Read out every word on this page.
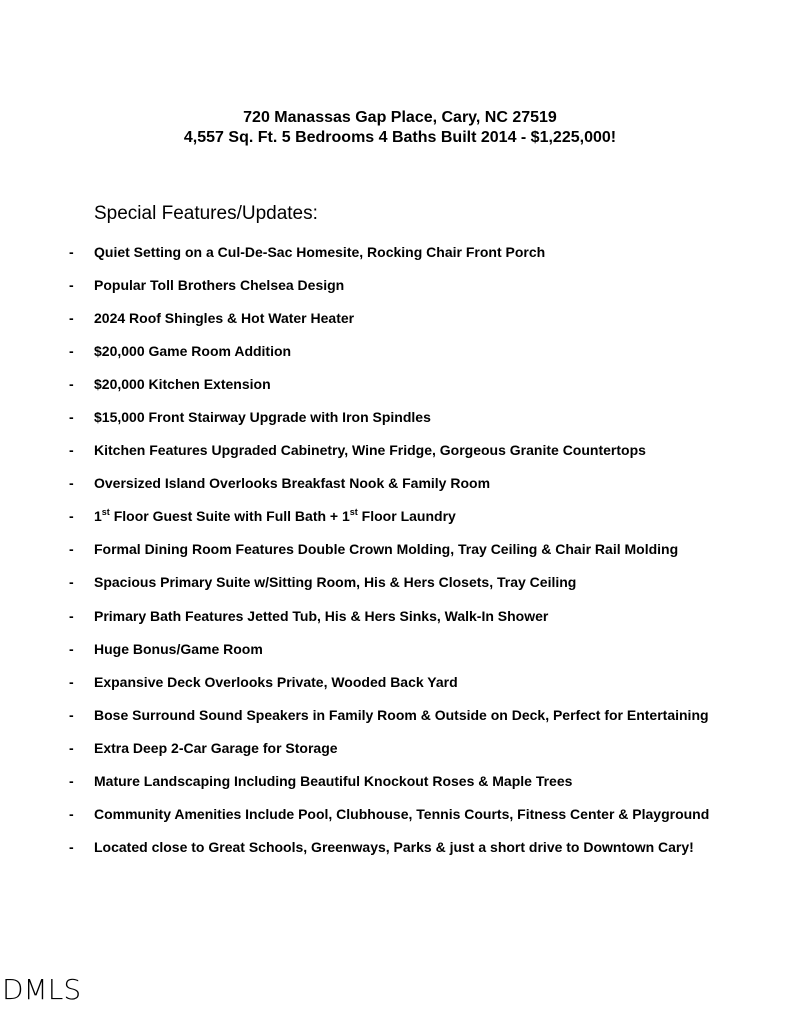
720 Manassas Gap Place, Cary, NC 27519
4,557 Sq. Ft. 5 Bedrooms 4 Baths Built 2014 - $1,225,000!
Special Features/Updates:
- Quiet Setting on a Cul-De-Sac Homesite, Rocking Chair Front Porch
- Popular Toll Brothers Chelsea Design
- 2024 Roof Shingles & Hot Water Heater
- $20,000 Game Room Addition
- $20,000 Kitchen Extension
- $15,000 Front Stairway Upgrade with Iron Spindles
- Kitchen Features Upgraded Cabinetry, Wine Fridge, Gorgeous Granite Countertops
- Oversized Island Overlooks Breakfast Nook & Family Room
- 1st Floor Guest Suite with Full Bath + 1st Floor Laundry
- Formal Dining Room Features Double Crown Molding, Tray Ceiling & Chair Rail Molding
- Spacious Primary Suite w/Sitting Room, His & Hers Closets, Tray Ceiling
- Primary Bath Features Jetted Tub, His & Hers Sinks, Walk-In Shower
- Huge Bonus/Game Room
- Expansive Deck Overlooks Private, Wooded Back Yard
- Bose Surround Sound Speakers in Family Room & Outside on Deck, Perfect for Entertaining
- Extra Deep 2-Car Garage for Storage
- Mature Landscaping Including Beautiful Knockout Roses & Maple Trees
- Community Amenities Include Pool, Clubhouse, Tennis Courts, Fitness Center & Playground
- Located close to Great Schools, Greenways, Parks & just a short drive to Downtown Cary!
DMLS
